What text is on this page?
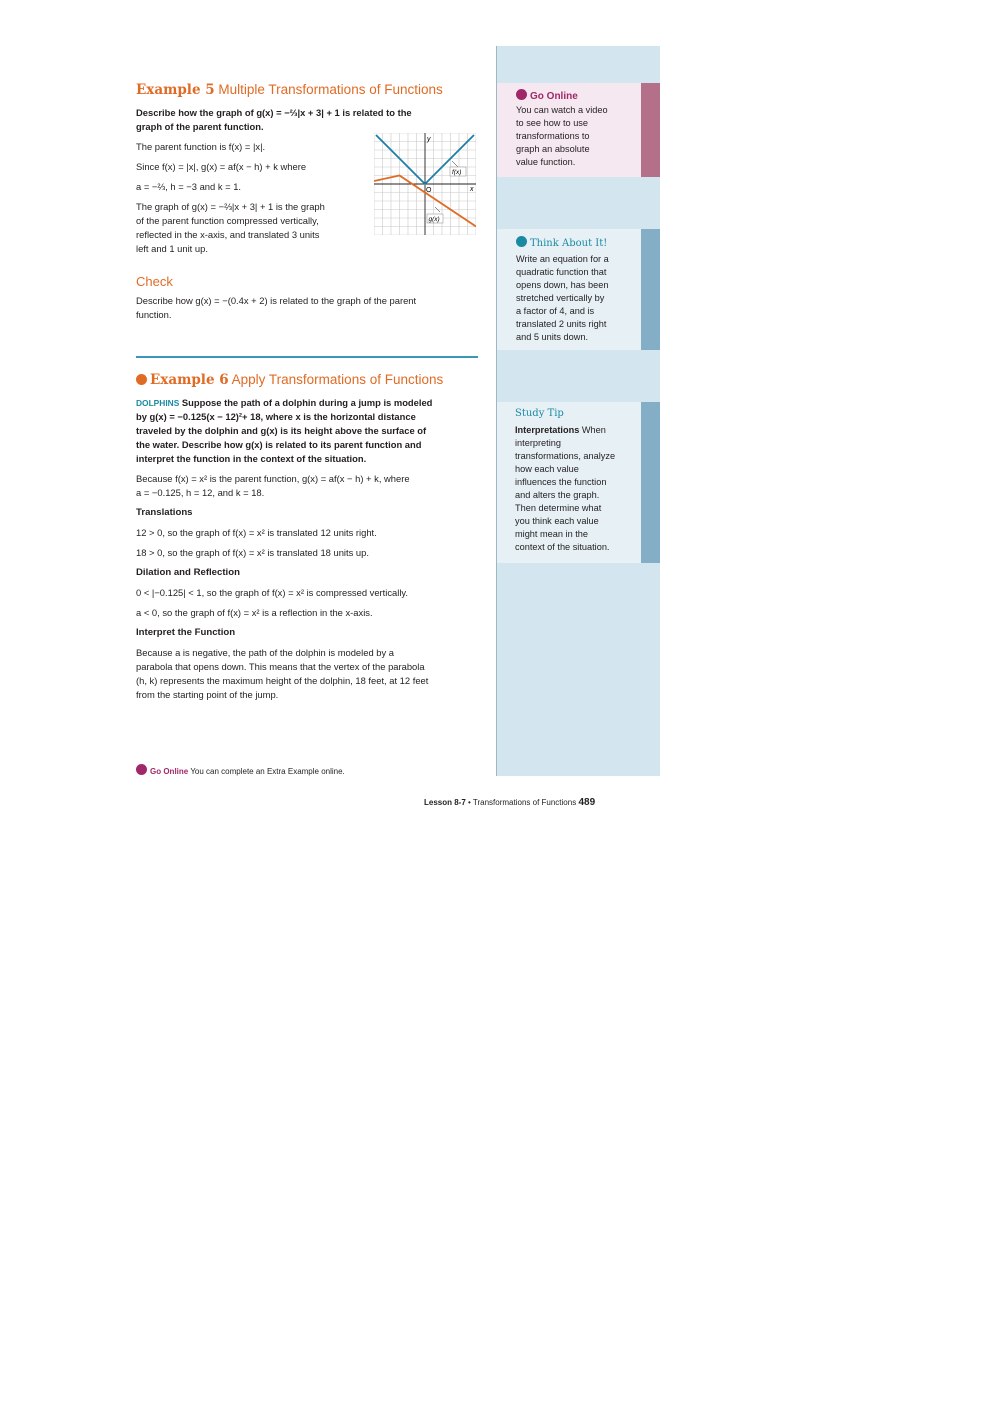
Example 5 Multiple Transformations of Functions
Describe how the graph of g(x) = −⅔|x + 3| + 1 is related to the
graph of the parent function.
The parent function is f(x) = |x|.
Since f(x) = |x|, g(x) = af(x − h) + k where
a = −⅔, h = −3 and k = 1.
The graph of g(x) = −⅔|x + 3| + 1 is the graph
of the parent function compressed vertically,
reflected in the x-axis, and translated 3 units
left and 1 unit up.
y
x
O
f(x)
g(x)
Check
Describe how g(x) = −(0.4x + 2) is related to the graph of the parent
function.
Example 6 Apply Transformations of Functions
DOLPHINS Suppose the path of a dolphin during a jump is modeled
by g(x) = −0.125(x − 12)²+ 18, where x is the horizontal distance
traveled by the dolphin and g(x) is its height above the surface of
the water. Describe how g(x) is related to its parent function and
interpret the function in the context of the situation.
Because f(x) = x² is the parent function, g(x) = af(x − h) + k, where
a = −0.125, h = 12, and k = 18.
Translations
12 > 0, so the graph of f(x) = x² is translated 12 units right.
18 > 0, so the graph of f(x) = x² is translated 18 units up.
Dilation and Reflection
0 < |−0.125| < 1, so the graph of f(x) = x² is compressed vertically.
a < 0, so the graph of f(x) = x² is a reflection in the x-axis.
Interpret the Function
Because a is negative, the path of the dolphin is modeled by a
parabola that opens down. This means that the vertex of the parabola
(h, k) represents the maximum height of the dolphin, 18 feet, at 12 feet
from the starting point of the jump.
Go Online You can complete an Extra Example online.
Go Online
You can watch a video
to see how to use
transformations to
graph an absolute
value function.
Think About It!
Write an equation for a
quadratic function that
opens down, has been
stretched vertically by
a factor of 4, and is
translated 2 units right
and 5 units down.
Study Tip
Interpretations When
interpreting
transformations, analyze
how each value
influences the function
and alters the graph.
Then determine what
you think each value
might mean in the
context of the situation.
Lesson 8-7 • Transformations of Functions 489
